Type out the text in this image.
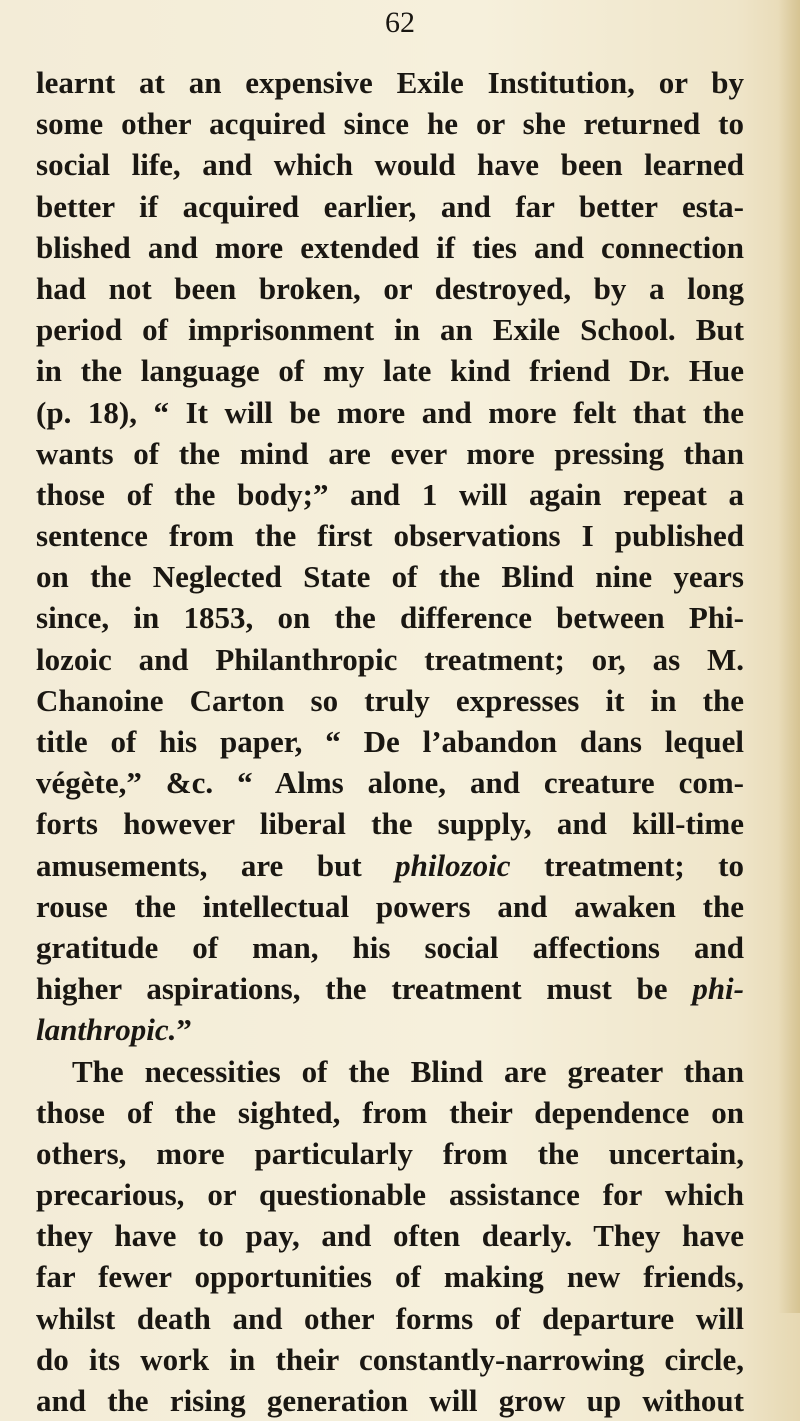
62
learnt at an expensive Exile Institution, or by
some other acquired since he or she returned to
social life, and which would have been learned
better if acquired earlier, and far better esta-
blished and more extended if ties and connection
had not been broken, or destroyed, by a long
period of imprisonment in an Exile School. But
in the language of my late kind friend Dr. Hue
(p. 18), “ It will be more and more felt that the
wants of the mind are ever more pressing than
those of the body;” and 1 will again repeat a
sentence from the first observations I published
on the Neglected State of the Blind nine years
since, in 1853, on the difference between Phi-
lozoic and Philanthropic treatment; or, as M.
Chanoine Carton so truly expresses it in the
title of his paper, “ De l’abandon dans lequel
végète,” &c. “ Alms alone, and creature com-
forts however liberal the supply, and kill-time
amusements, are but philozoic treatment; to
rouse the intellectual powers and awaken the
gratitude of man, his social affections and
higher aspirations, the treatment must be phi-
lanthropic.”
The necessities of the Blind are greater than
those of the sighted, from their dependence on
others, more particularly from the uncertain,
precarious, or questionable assistance for which
they have to pay, and often dearly. They have
far fewer opportunities of making new friends,
whilst death and other forms of departure will
do its work in their constantly-narrowing circle,
and the rising generation will grow up without
